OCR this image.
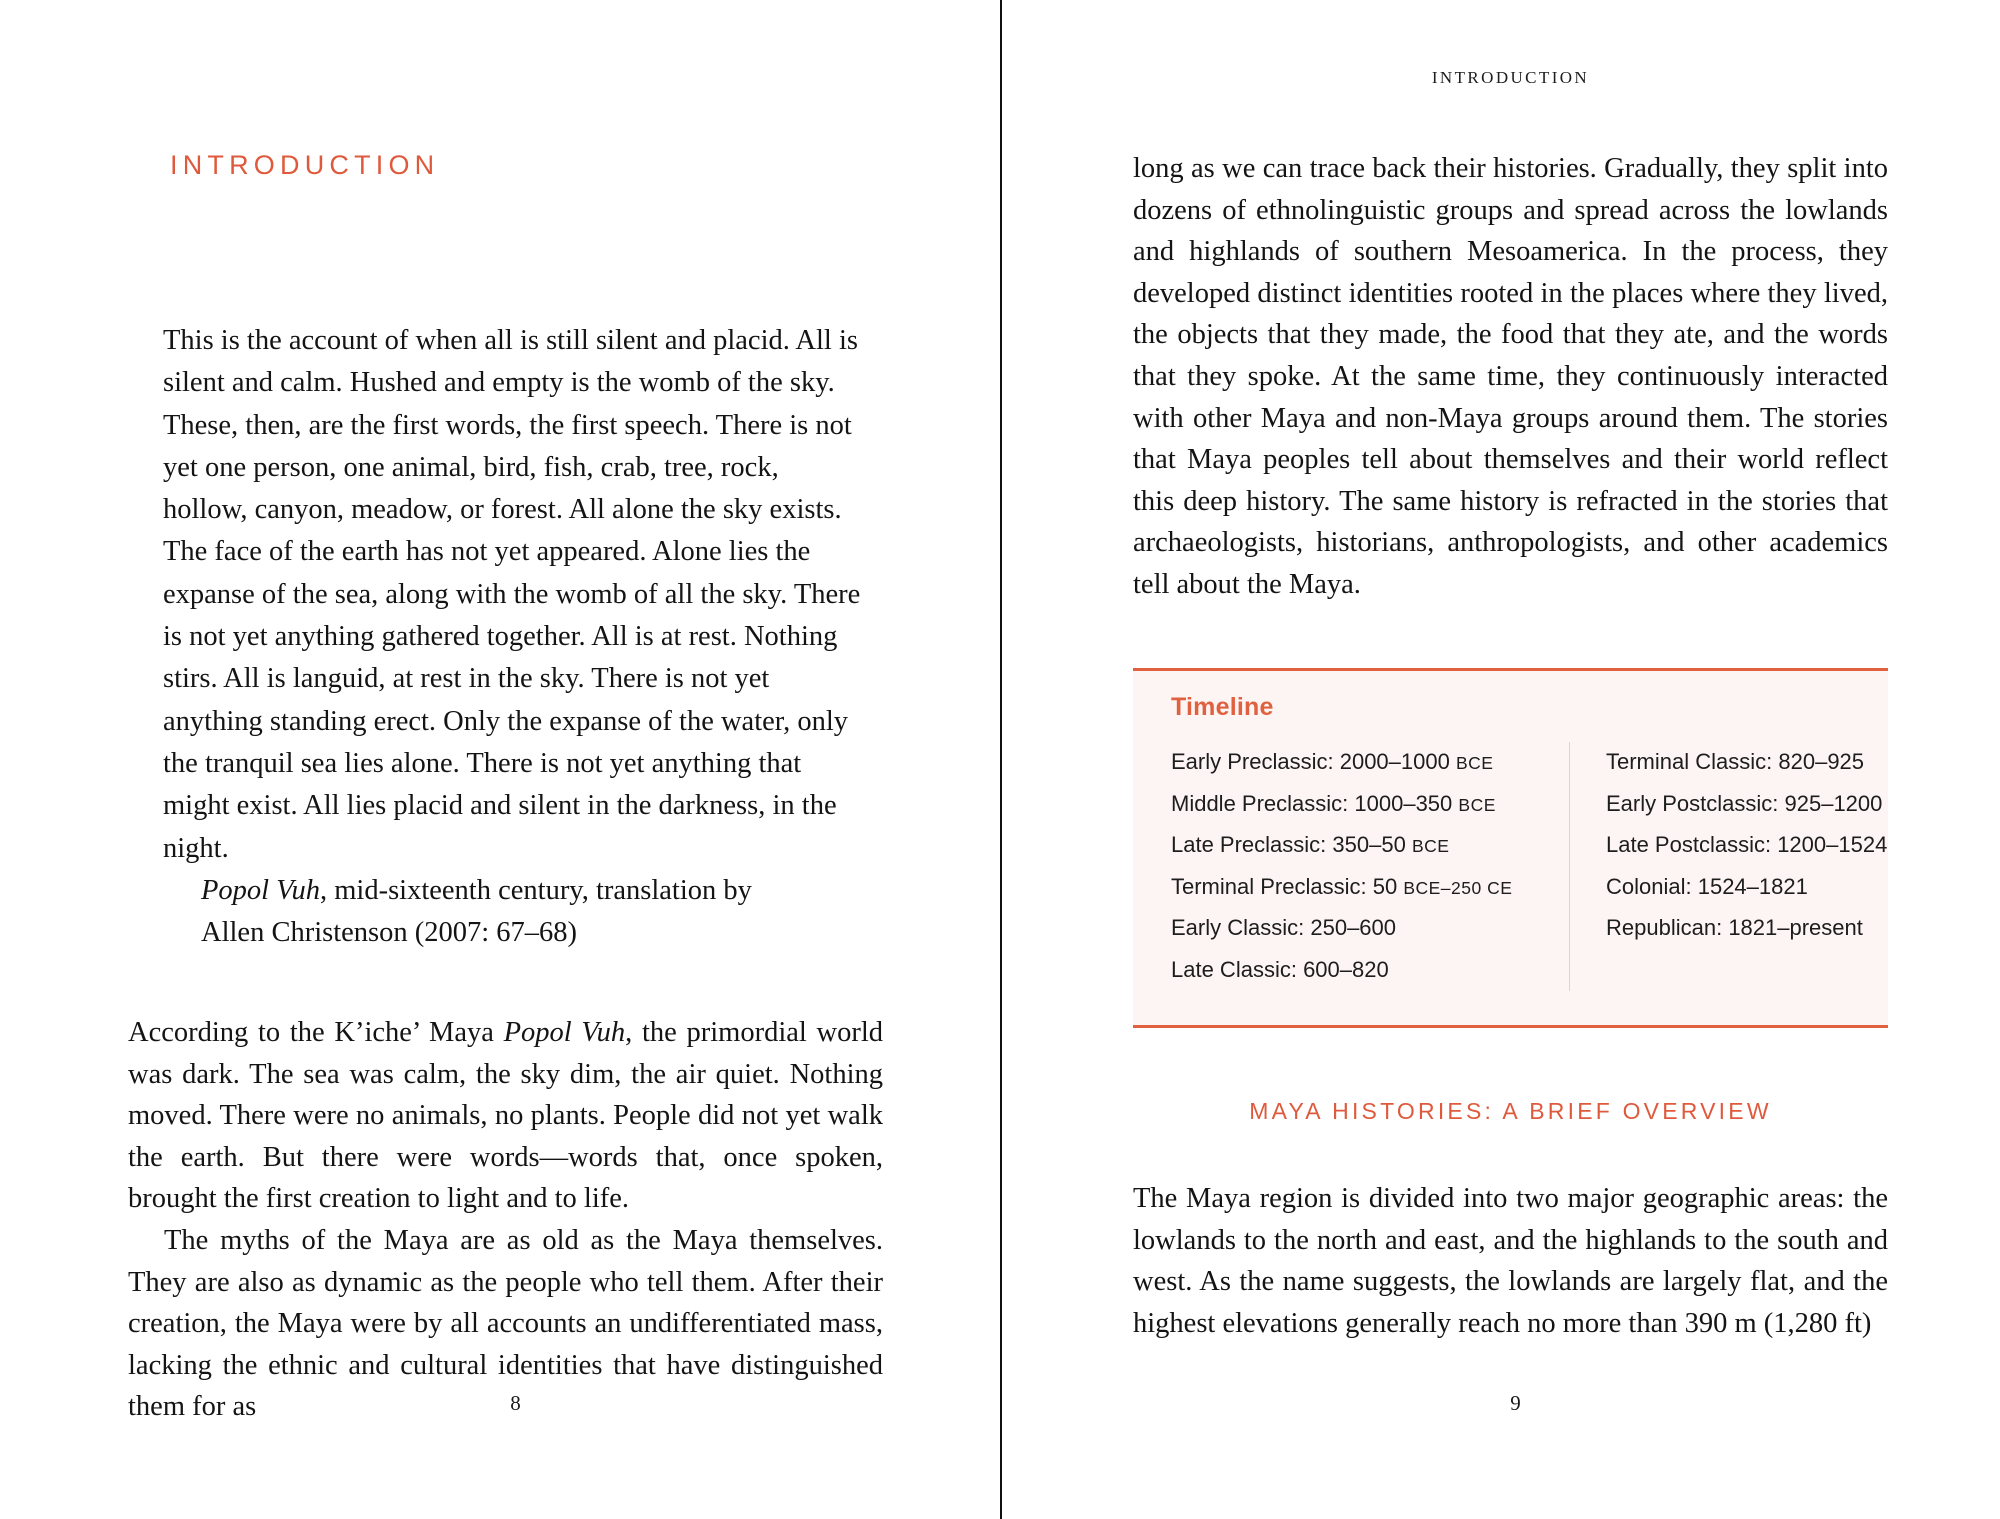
INTRODUCTION

This is the account of when all is still silent and placid. All is silent and calm. Hushed and empty is the womb of the sky. These, then, are the first words, the first speech. There is not yet one person, one animal, bird, fish, crab, tree, rock, hollow, canyon, meadow, or forest. All alone the sky exists. The face of the earth has not yet appeared. Alone lies the expanse of the sea, along with the womb of all the sky. There is not yet anything gathered together. All is at rest. Nothing stirs. All is languid, at rest in the sky. There is not yet anything standing erect. Only the expanse of the water, only the tranquil sea lies alone. There is not yet anything that might exist. All lies placid and silent in the darkness, in the night.

Popol Vuh, mid-sixteenth century, translation by

Allen Christenson (2007: 67–68)

According to the K’iche’ Maya Popol Vuh, the primordial world was dark. The sea was calm, the sky dim, the air quiet. Nothing moved. There were no animals, no plants. People did not yet walk the earth. But there were words—words that, once spoken, brought the first creation to light and to life.

The myths of the Maya are as old as the Maya themselves. They are also as dynamic as the people who tell them. After their creation, the Maya were by all accounts an undifferentiated mass, lacking the ethnic and cultural identities that have distinguished them for as	8
INTRODUCTION

long as we can trace back their histories. Gradually, they split into dozens of ethnolinguistic groups and spread across the lowlands and highlands of southern Mesoamerica. In the process, they developed distinct identities rooted in the places where they lived, the objects that they made, the food that they ate, and the words that they spoke. At the same time, they continuously interacted with other Maya and non-Maya groups around them. The stories that Maya peoples tell about themselves and their world reflect this deep history. The same history is refracted in the stories that archaeologists, historians, anthropologists, and other academics tell about the Maya.

Timeline
Early Preclassic: 2000–1000 BCE
Middle Preclassic: 1000–350 BCE
Late Preclassic: 350–50 BCE
Terminal Preclassic: 50 BCE–250 CE
Early Classic: 250–600
Late Classic: 600–820
Terminal Classic: 820–925
Early Postclassic: 925–1200
Late Postclassic: 1200–1524
Colonial: 1524–1821
Republican: 1821–present
MAYA HISTORIES: A BRIEF OVERVIEW

The Maya region is divided into two major geographic areas: the lowlands to the north and east, and the highlands to the south and west. As the name suggests, the lowlands are largely flat, and the highest elevations generally reach no more than 390 m (1,280 ft)

9
